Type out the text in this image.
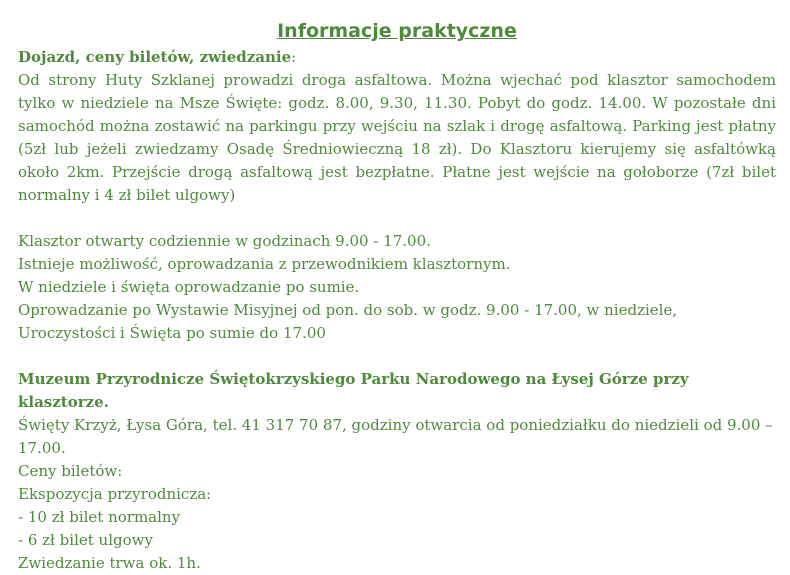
Informacje praktyczne

Dojazd, ceny biletów, zwiedzanie:

Od strony Huty Szklanej prowadzi droga asfaltowa. Można wjechać pod klasztor samochodem tylko w niedziele na Msze Święte: godz. 8.00, 9.30, 11.30. Pobyt do godz. 14.00. W pozostałe dni samochód można zostawić na parkingu przy wejściu na szlak i drogę asfaltową. Parking jest płatny (5zł lub jeżeli zwiedzamy Osadę Średniowieczną 18 zł). Do Klasztoru kierujemy się asfaltówką około 2km. Przejście drogą asfaltową jest bezpłatne. Płatne jest wejście na gołoborze (7zł bilet normalny i 4 zł bilet ulgowy)

Klasztor otwarty codziennie w godzinach 9.00 - 17.00.

Istnieje możliwość, oprowadzania z przewodnikiem klasztornym.

W niedziele i święta oprowadzanie po sumie.

Oprowadzanie po Wystawie Misyjnej od pon. do sob. w godz. 9.00 - 17.00, w niedziele, Uroczystości i Święta po sumie do 17.00

Muzeum Przyrodnicze Świętokrzyskiego Parku Narodowego na Łysej Górze przy klasztorze.

Święty Krzyż, Łysa Góra, tel. 41 317 70 87, godziny otwarcia od poniedziałku do niedzieli od 9.00 – 17.00.

Ceny biletów:

Ekspozycja przyrodnicza:

- 10 zł bilet normalny

- 6 zł bilet ulgowy

Zwiedzanie trwa ok. 1h.
